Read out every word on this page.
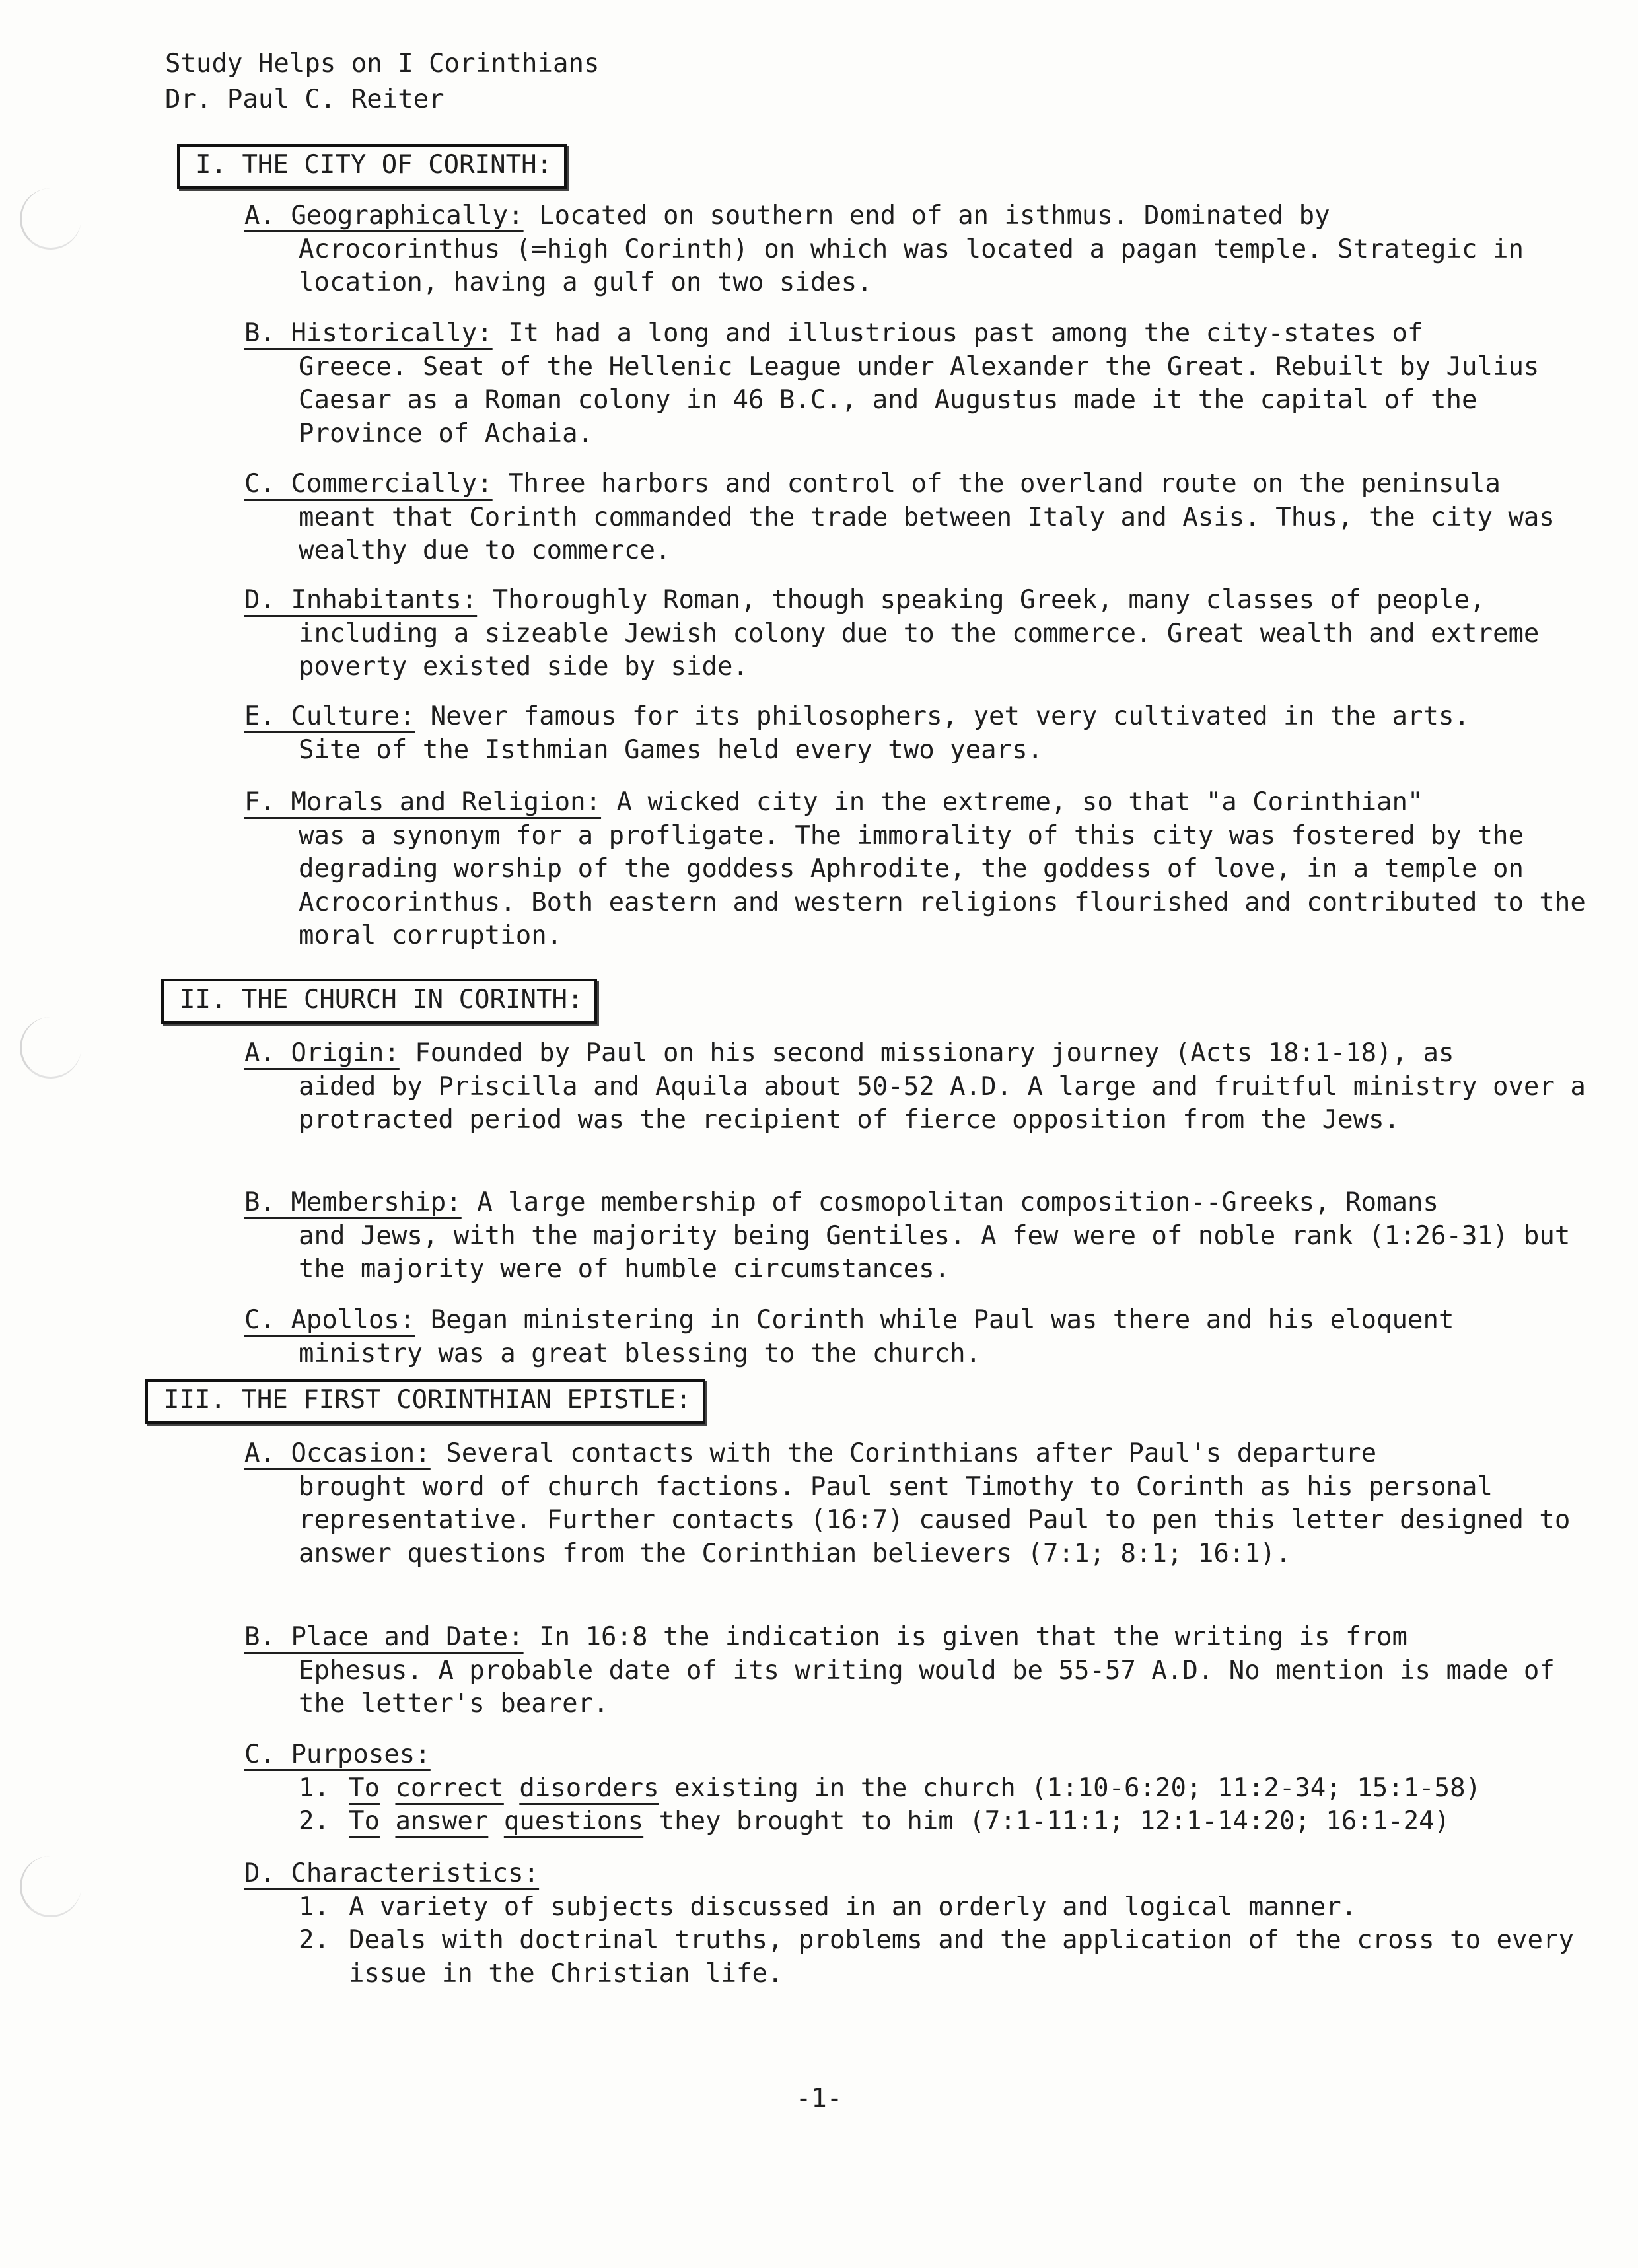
Study Helps on I Corinthians
Dr. Paul C. Reiter
I. THE CITY OF CORINTH:
A. Geographically: Located on southern end of an isthmus. Dominated by
Acrocorinthus (=high Corinth) on which was located a pagan temple. Strategic in location, having a gulf on two sides.
B. Historically: It had a long and illustrious past among the city-states of
Greece. Seat of the Hellenic League under Alexander the Great. Rebuilt by Julius Caesar as a Roman colony in 46 B.C., and Augustus made it the capital of the Province of Achaia.
C. Commercially: Three harbors and control of the overland route on the peninsula
meant that Corinth commanded the trade between Italy and Asis. Thus, the city was wealthy due to commerce.
D. Inhabitants: Thoroughly Roman, though speaking Greek, many classes of people,
including a sizeable Jewish colony due to the commerce. Great wealth and extreme poverty existed side by side.
E. Culture: Never famous for its philosophers, yet very cultivated in the arts.
Site of the Isthmian Games held every two years.
F. Morals and Religion: A wicked city in the extreme, so that "a Corinthian"
was a synonym for a profligate. The immorality of this city was fostered by the degrading worship of the goddess Aphrodite, the goddess of love, in a temple on Acrocorinthus. Both eastern and western religions flourished and contributed to the moral corruption.
II. THE CHURCH IN CORINTH:
A. Origin: Founded by Paul on his second missionary journey (Acts 18:1-18), as
aided by Priscilla and Aquila about 50-52 A.D. A large and fruitful ministry over a protracted period was the recipient of fierce opposition from the Jews.
B. Membership: A large membership of cosmopolitan composition--Greeks, Romans
and Jews, with the majority being Gentiles. A few were of noble rank (1:26-31) but the majority were of humble circumstances.
C. Apollos: Began ministering in Corinth while Paul was there and his eloquent
ministry was a great blessing to the church.
III. THE FIRST CORINTHIAN EPISTLE:
A. Occasion: Several contacts with the Corinthians after Paul's departure
brought word of church factions. Paul sent Timothy to Corinth as his personal representative. Further contacts (16:7) caused Paul to pen this letter designed to answer questions from the Corinthian believers (7:1; 8:1; 16:1).
B. Place and Date: In 16:8 the indication is given that the writing is from
Ephesus. A probable date of its writing would be 55-57 A.D. No mention is made of the letter's bearer.
C. Purposes:
1. To correct disorders existing in the church (1:10-6:20; 11:2-34; 15:1-58)
2. To answer questions they brought to him (7:1-11:1; 12:1-14:20; 16:1-24)
D. Characteristics:
1. A variety of subjects discussed in an orderly and logical manner.
2. Deals with doctrinal truths, problems and the application of the cross to every issue in the Christian life.
-1-
